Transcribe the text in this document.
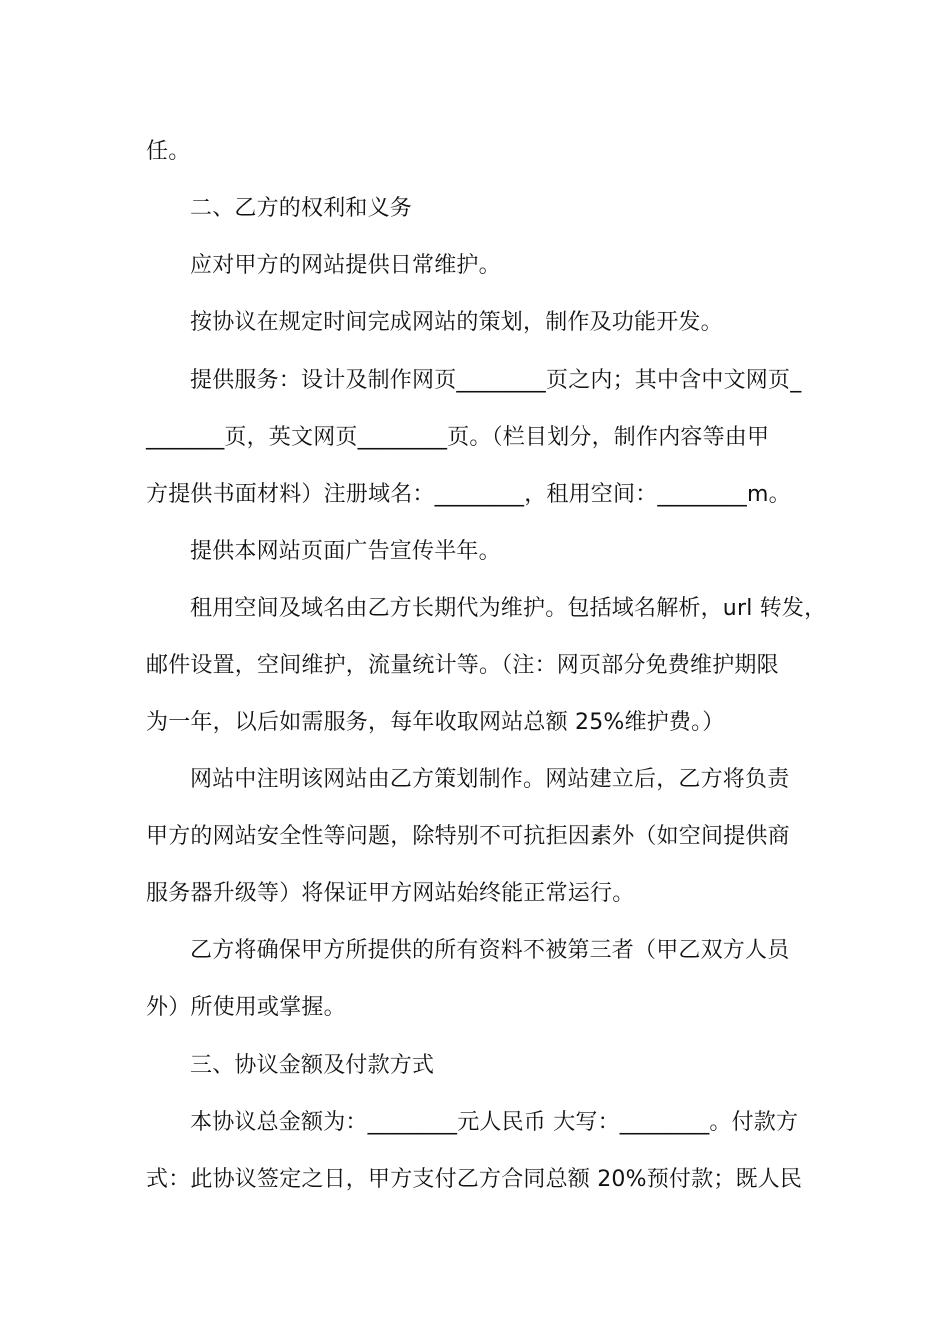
任。
二、乙方的权利和义务
应对甲方的网站提供日常维护。
按协议在规定时间完成网站的策划，制作及功能开发。
提供服务：设计及制作网页________页之内；其中含中文网页_
_______页，英文网页________页。（栏目划分，制作内容等由甲
方提供书面材料）注册域名：________，租用空间：________m。
提供本网站页面广告宣传半年。
租用空间及域名由乙方长期代为维护。包括域名解析，url 转发，
邮件设置，空间维护，流量统计等。（注：网页部分免费维护期限
为一年，以后如需服务，每年收取网站总额 25%维护费。）
网站中注明该网站由乙方策划制作。网站建立后，乙方将负责
甲方的网站安全性等问题，除特别不可抗拒因素外（如空间提供商
服务器升级等）将保证甲方网站始终能正常运行。
乙方将确保甲方所提供的所有资料不被第三者（甲乙双方人员
外）所使用或掌握。
三、协议金额及付款方式
本协议总金额为：________元人民币 大写：________。付款方
式：此协议签定之日，甲方支付乙方合同总额 20%预付款；既人民
